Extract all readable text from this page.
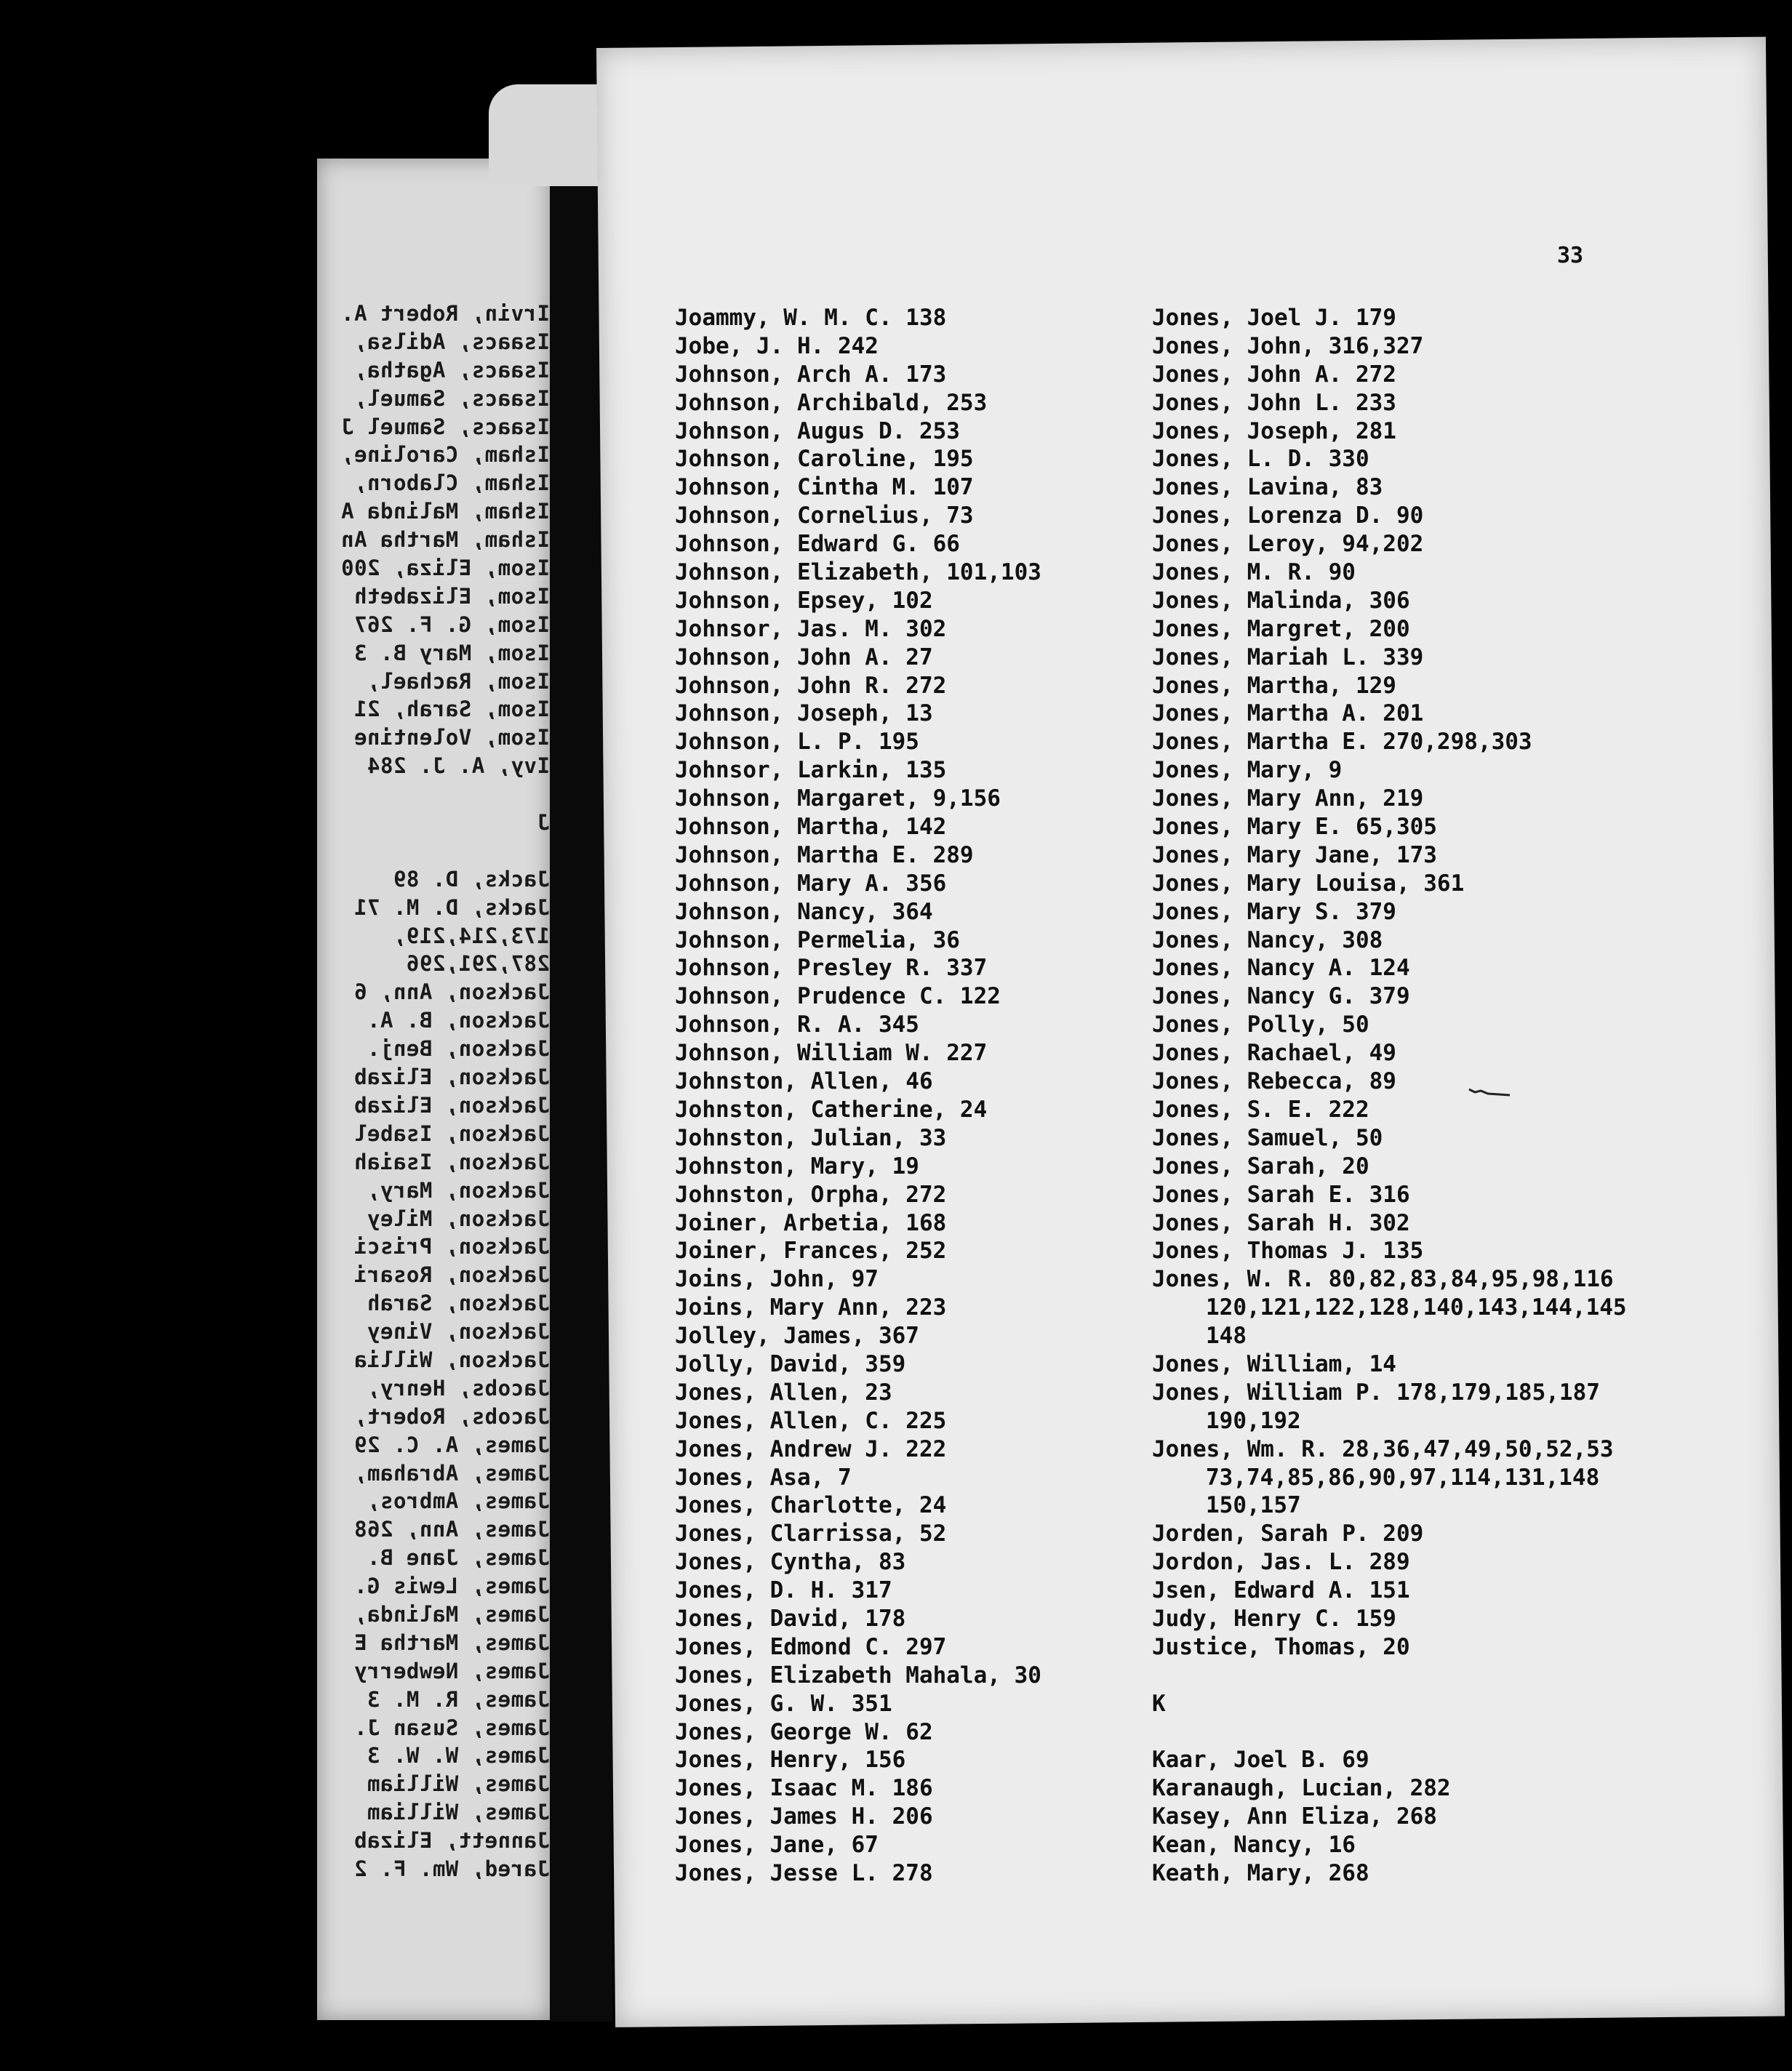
Irvin, Robert A.
Isaacs, Adilsa,
Isaacs, Agatha,
Isaacs, Samuel,
Isaacs, Samuel J
Isham, Caroline,
Isham, Claborn,
Isham, Malinda A
Isham, Martha An
Isom, Eliza, 200
Isom, Elizabeth
Isom, G. F. 267
Isom, Mary B. 3
Isom, Rachael,
Isom, Sarah, 21
Isom, Volentine
Ivy, A. J. 284
J
Jacks, D. 89
Jacks, D. M. 71
173,214,219,
287,291,296
Jackson, Ann, 6
Jackson, B. A.
Jackson, Benj.
Jackson, Elizab
Jackson, Elizab
Jackson, Isabel
Jackson, Isaiah
Jackson, Mary,
Jackson, Miley
Jackson, Prisci
Jackson, Rosari
Jackson, Sarah
Jackson, Viney
Jackson, Willia
Jacobs, Henry,
Jacobs, Robert,
James, A. C. 29
James, Abraham,
James, Ambros,
James, Ann, 268
James, Jane B.
James, Lewis G.
James, Malinda,
James, Martha E
James, Newberry
James, R. M. 3
James, Susan J.
James, W. W. 3
James, William
James, William
Jannett, Elizab
Jared, Wm. F. 2
33
Joammy, W. M. C. 138
Jobe, J. H. 242
Johnson, Arch A. 173
Johnson, Archibald, 253
Johnson, Augus D. 253
Johnson, Caroline, 195
Johnson, Cintha M. 107
Johnson, Cornelius, 73
Johnson, Edward G. 66
Johnson, Elizabeth, 101,103
Johnson, Epsey, 102
Johnsor, Jas. M. 302
Johnson, John A. 27
Johnson, John R. 272
Johnson, Joseph, 13
Johnson, L. P. 195
Johnsor, Larkin, 135
Johnson, Margaret, 9,156
Johnson, Martha, 142
Johnson, Martha E. 289
Johnson, Mary A. 356
Johnson, Nancy, 364
Johnson, Permelia, 36
Johnson, Presley R. 337
Johnson, Prudence C. 122
Johnson, R. A. 345
Johnson, William W. 227
Johnston, Allen, 46
Johnston, Catherine, 24
Johnston, Julian, 33
Johnston, Mary, 19
Johnston, Orpha, 272
Joiner, Arbetia, 168
Joiner, Frances, 252
Joins, John, 97
Joins, Mary Ann, 223
Jolley, James, 367
Jolly, David, 359
Jones, Allen, 23
Jones, Allen, C. 225
Jones, Andrew J. 222
Jones, Asa, 7
Jones, Charlotte, 24
Jones, Clarrissa, 52
Jones, Cyntha, 83
Jones, D. H. 317
Jones, David, 178
Jones, Edmond C. 297
Jones, Elizabeth Mahala, 30
Jones, G. W. 351
Jones, George W. 62
Jones, Henry, 156
Jones, Isaac M. 186
Jones, James H. 206
Jones, Jane, 67
Jones, Jesse L. 278
Jones, Joel J. 179
Jones, John, 316,327
Jones, John A. 272
Jones, John L. 233
Jones, Joseph, 281
Jones, L. D. 330
Jones, Lavina, 83
Jones, Lorenza D. 90
Jones, Leroy, 94,202
Jones, M. R. 90
Jones, Malinda, 306
Jones, Margret, 200
Jones, Mariah L. 339
Jones, Martha, 129
Jones, Martha A. 201
Jones, Martha E. 270,298,303
Jones, Mary, 9
Jones, Mary Ann, 219
Jones, Mary E. 65,305
Jones, Mary Jane, 173
Jones, Mary Louisa, 361
Jones, Mary S. 379
Jones, Nancy, 308
Jones, Nancy A. 124
Jones, Nancy G. 379
Jones, Polly, 50
Jones, Rachael, 49
Jones, Rebecca, 89
Jones, S. E. 222
Jones, Samuel, 50
Jones, Sarah, 20
Jones, Sarah E. 316
Jones, Sarah H. 302
Jones, Thomas J. 135
Jones, W. R. 80,82,83,84,95,98,116
120,121,122,128,140,143,144,145
148
Jones, William, 14
Jones, William P. 178,179,185,187
190,192
Jones, Wm. R. 28,36,47,49,50,52,53
73,74,85,86,90,97,114,131,148
150,157
Jorden, Sarah P. 209
Jordon, Jas. L. 289
Jsen, Edward A. 151
Judy, Henry C. 159
Justice, Thomas, 20
K
Kaar, Joel B. 69
Karanaugh, Lucian, 282
Kasey, Ann Eliza, 268
Kean, Nancy, 16
Keath, Mary, 268
